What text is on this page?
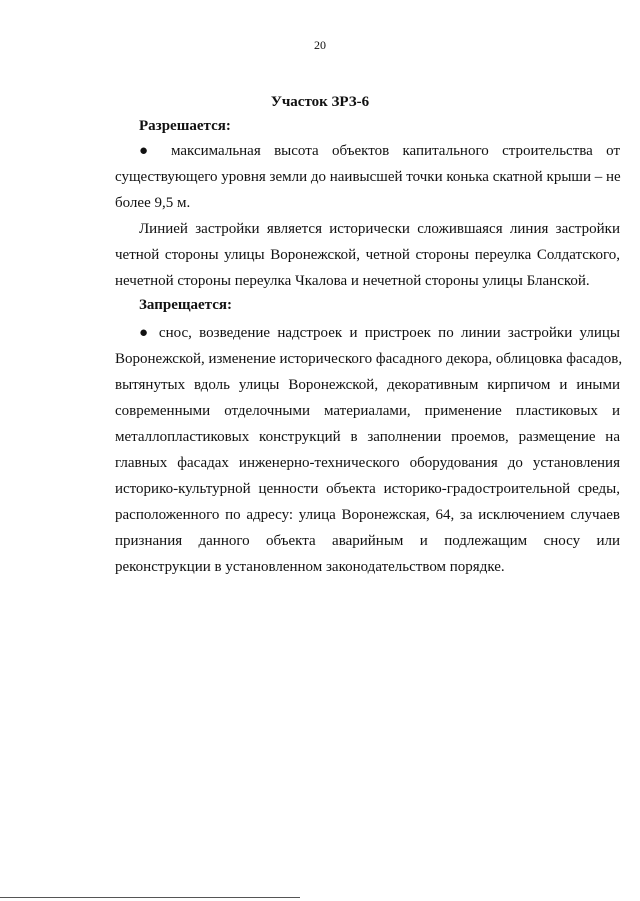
20
Участок ЗРЗ-6
Разрешается:
● максимальная высота объектов капитального строительства от
существующего уровня земли до наивысшей точки конька скатной крыши – не
более 9,5 м.
Линией застройки является исторически сложившаяся линия застройки
четной стороны улицы Воронежской, четной стороны переулка Солдатского,
нечетной стороны переулка Чкалова и нечетной стороны улицы Бланской.
Запрещается:
● снос, возведение надстроек и пристроек по линии застройки улицы
Воронежской, изменение исторического фасадного декора, облицовка фасадов,
вытянутых вдоль улицы Воронежской, декоративным кирпичом и иными
современными отделочными материалами, применение пластиковых и
металлопластиковых конструкций в заполнении проемов, размещение на
главных фасадах инженерно-технического оборудования до установления
историко-культурной ценности объекта историко-градостроительной среды,
расположенного по адресу: улица Воронежская, 64, за исключением случаев
признания данного объекта аварийным и подлежащим сносу или
реконструкции в установленном законодательством порядке.
